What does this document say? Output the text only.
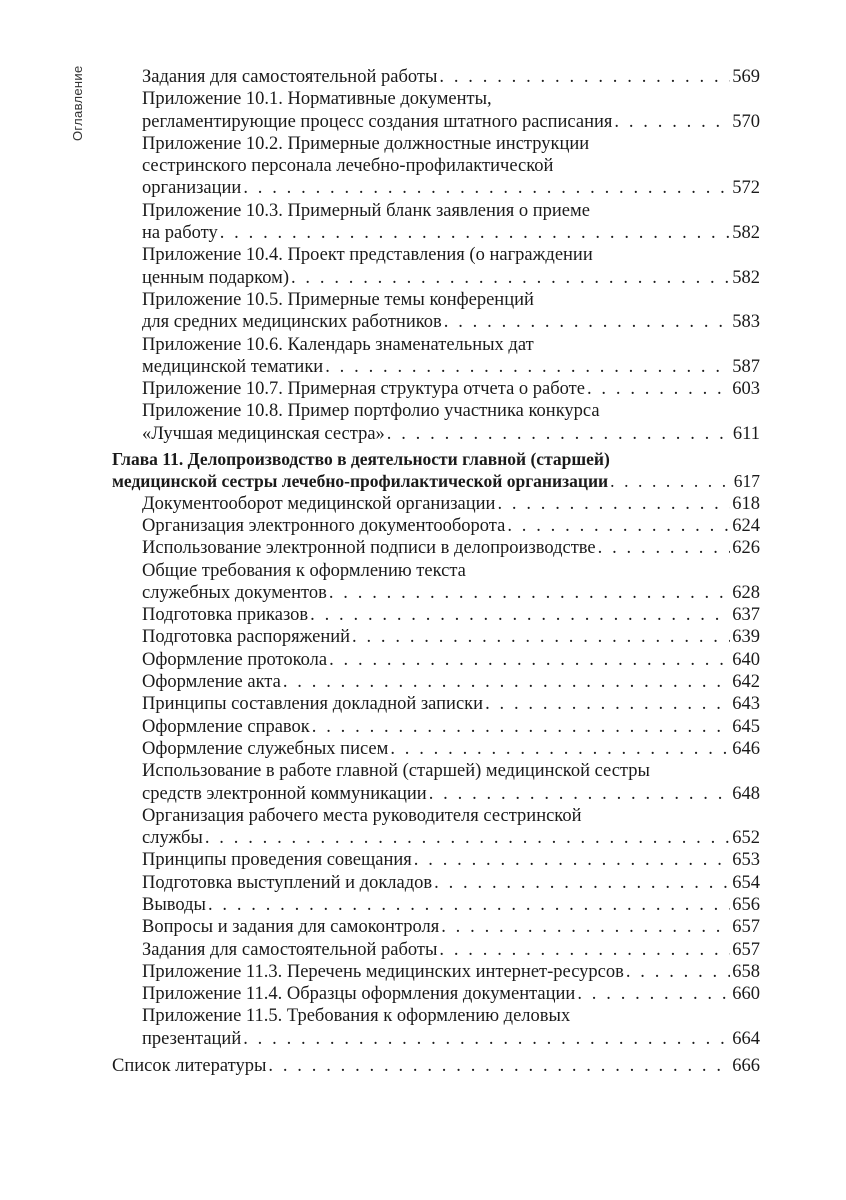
Оглавление	Задания для самостоятельной работы . . .	569
Приложение 10.1. Нормативные документы,
регламентирующие процесс создания штатного расписания . . .	570
Приложение 10.2. Примерные должностные инструкции
сестринского персонала лечебно-профилактической
организации . . .	572
Приложение 10.3. Примерный бланк заявления о приеме
на работу . . .	582
Приложение 10.4. Проект представления (о награждении
ценным подарком) . . .	582
Приложение 10.5. Примерные темы конференций
для средних медицинских работников . . .	583
Приложение 10.6. Календарь знаменательных дат
медицинской тематики . . .	587
Приложение 10.7. Примерная структура отчета о работе . . .	603
Приложение 10.8. Пример портфолио участника конкурса
«Лучшая медицинская сестра» . . .	611
Глава 11. Делопроизводство в деятельности главной (старшей)
медицинской сестры лечебно-профилактической организации . . .	617
Документооборот медицинской организации . . .	618
Организация электронного документооборота . . .	624
Использование электронной подписи в делопроизводстве . . .	626
Общие требования к оформлению текста
служебных документов . . .	628
Подготовка приказов . . .	637
Подготовка распоряжений . . .	639
Оформление протокола . . .	640
Оформление акта . . .	642
Принципы составления докладной записки . . .	643
Оформление справок . . .	645
Оформление служебных писем . . .	646
Использование в работе главной (старшей) медицинской сестры
средств электронной коммуникации . . .	648
Организация рабочего места руководителя сестринской
службы . . .	652
Принципы проведения совещания . . .	653
Подготовка выступлений и докладов . . .	654
Выводы . . .	656
Вопросы и задания для самоконтроля . . .	657
Задания для самостоятельной работы . . .	657
Приложение 11.3. Перечень медицинских интернет-ресурсов . . .	658
Приложение 11.4. Образцы оформления документации . . .	660
Приложение 11.5. Требования к оформлению деловых
презентаций . . .	664
Список литературы . . .	666
